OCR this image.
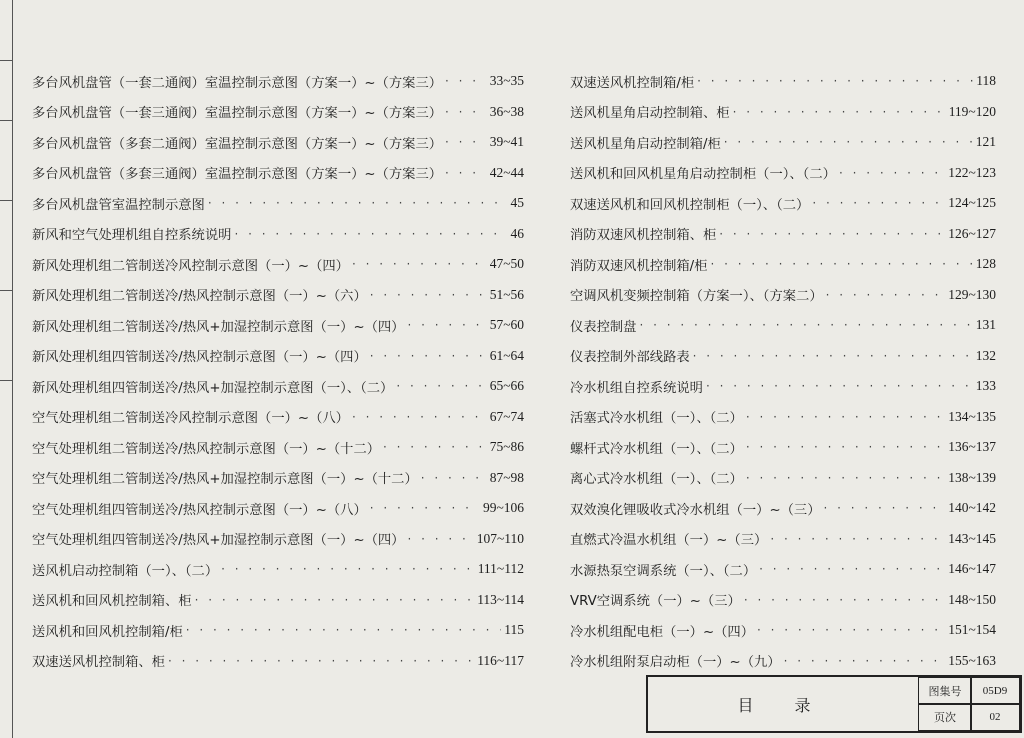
多台风机盘管（一套二通阀）室温控制示意图（方案一）~（方案三） · · ·	33~35
多台风机盘管（一套三通阀）室温控制示意图（方案一）~（方案三） · · ·	36~38
多台风机盘管（多套二通阀）室温控制示意图（方案一）~（方案三） · · ·	39~41
多台风机盘管（多套三通阀）室温控制示意图（方案一）~（方案三） · · ·	42~44
多台风机盘管室温控制示意图 · · ·	45
新风和空气处理机组自控系统说明 · · ·	46
新风处理机组二管制送冷风控制示意图（一）~（四） · · ·	47~50
新风处理机组二管制送冷/热风控制示意图（一）~（六） · · ·	51~56
新风处理机组二管制送冷/热风+加湿控制示意图（一）~（四） · · ·	57~60
新风处理机组四管制送冷/热风控制示意图（一）~（四） · · ·	61~64
新风处理机组四管制送冷/热风+加湿控制示意图（一）、（二） · · ·	65~66
空气处理机组二管制送冷风控制示意图（一）~（八） · · ·	67~74
空气处理机组二管制送冷/热风控制示意图（一）~（十二） · · ·	75~86
空气处理机组二管制送冷/热风+加湿控制示意图（一）~（十二） · · ·	87~98
空气处理机组四管制送冷/热风控制示意图（一）~（八） · · ·	99~106
空气处理机组四管制送冷/热风+加湿控制示意图（一）~（四） · · ·	107~110
送风机启动控制箱（一）、（二） · · ·	111~112
送风机和回风机控制箱、柜 · · ·	113~114
送风机和回风机控制箱/柜 · · ·	115
双速送风机控制箱、柜 · · ·	116~117
双速送风机控制箱/柜 · · ·	118
送风机星角启动控制箱、柜 · · ·	119~120
送风机星角启动控制箱/柜 · · ·	121
送风机和回风机星角启动控制柜（一）、（二） · · ·	122~123
双速送风机和回风机控制柜（一）、（二） · · ·	124~125
消防双速风机控制箱、柜 · · ·	126~127
消防双速风机控制箱/柜 · · ·	128
空调风机变频控制箱（方案一）、（方案二） · · ·	129~130
仪表控制盘 · · ·	131
仪表控制外部线路表 · · ·	132
冷水机组自控系统说明 · · ·	133
活塞式冷水机组（一）、（二） · · ·	134~135
螺杆式冷水机组（一）、（二） · · ·	136~137
离心式冷水机组（一）、（二） · · ·	138~139
双效溴化锂吸收式冷水机组（一）~（三） · · ·	140~142
直燃式冷温水机组（一）~（三） · · ·	143~145
水源热泵空调系统（一）、（二） · · ·	146~147
VRV空调系统（一）~（三） · · ·	148~150
冷水机组配电柜（一）~（四） · · ·	151~154
冷水机组附泵启动柜（一）~（九） · · ·	155~163
目 录
图集号	05D9
页次	02
